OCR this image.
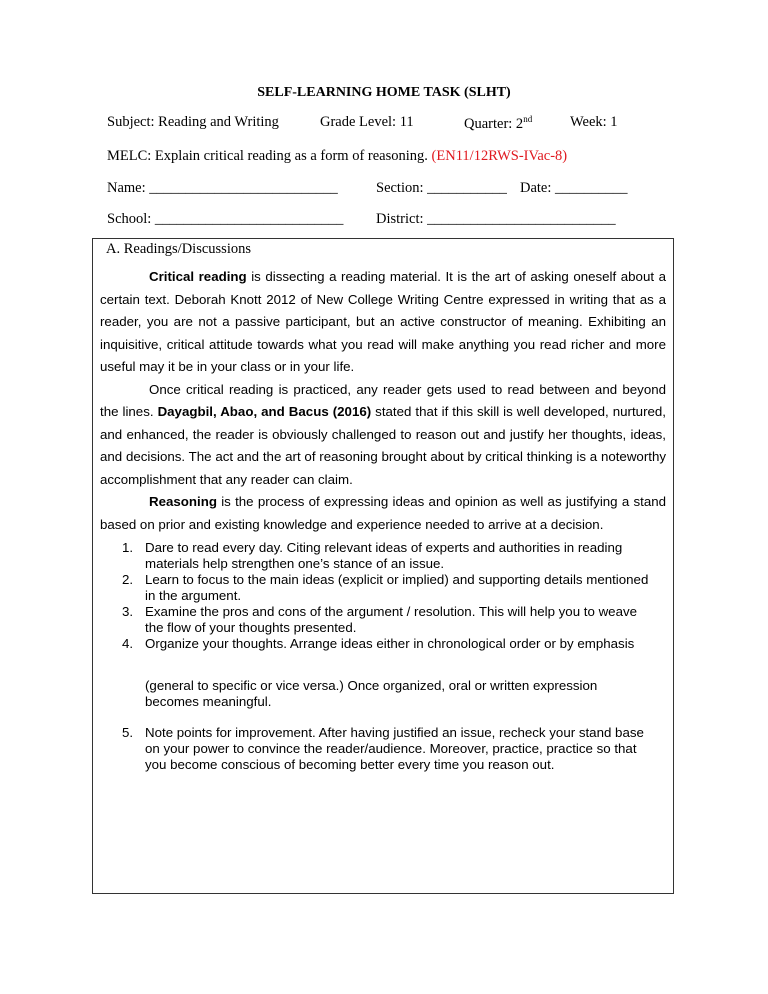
SELF-LEARNING HOME TASK (SLHT)
Subject: Reading and Writing	Grade Level: 11	Quarter: 2nd	Week: 1
MELC: Explain critical reading as a form of reasoning. (EN11/12RWS-IVac-8)
Name: __________________________	Section: ___________ Date: __________
School: __________________________ District: __________________________
A. Readings/Discussions

Critical reading is dissecting a reading material. It is the art of asking oneself about a certain text. Deborah Knott 2012 of New College Writing Centre expressed in writing that as a reader, you are not a passive participant, but an active constructor of meaning. Exhibiting an inquisitive, critical attitude towards what you read will make anything you read richer and more useful may it be in your class or in your life.

Once critical reading is practiced, any reader gets used to read between and beyond the lines. Dayagbil, Abao, and Bacus (2016) stated that if this skill is well developed, nurtured, and enhanced, the reader is obviously challenged to reason out and justify her thoughts, ideas, and decisions. The act and the art of reasoning brought about by critical thinking is a noteworthy accomplishment that any reader can claim.

Reasoning is the process of expressing ideas and opinion as well as justifying a stand based on prior and existing knowledge and experience needed to arrive at a decision.

1. Dare to read every day. Citing relevant ideas of experts and authorities in reading materials help strengthen one’s stance of an issue.
2. Learn to focus to the main ideas (explicit or implied) and supporting details mentioned in the argument.
3. Examine the pros and cons of the argument / resolution. This will help you to weave the flow of your thoughts presented.
4. Organize your thoughts. Arrange ideas either in chronological order or by emphasis
(general to specific or vice versa.) Once organized, oral or written expression becomes meaningful.
5. Note points for improvement. After having justified an issue, recheck your stand base on your power to convince the reader/audience. Moreover, practice, practice so that you become conscious of becoming better every time you reason out.
